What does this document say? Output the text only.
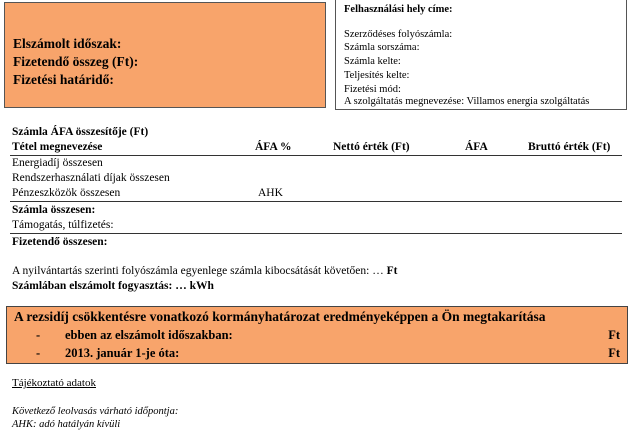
Elszámolt időszak:
Fizetendő összeg (Ft):
Fizetési határidő:
Felhasználási hely címe:
Szerződéses folyószámla:
Számla sorszáma:
Számla kelte:
Teljesítés kelte:
Fizetési mód:
A szolgáltatás megnevezése: Villamos energia szolgáltatás
Számla ÁFA összesítője (Ft)
Tétel megnevezése	ÁFA %	Nettó érték (Ft)	ÁFA	Bruttó érték (Ft)
Energiadíj összesen
Rendszerhasználati díjak összesen
Pénzeszközök összesen	AHK
Számla összesen:
Támogatás, túlfizetés:
Fizetendő összesen:
A nyilvántartás szerinti folyószámla egyenlege számla kibocsátását követően: … Ft
Számlában elszámolt fogyasztás: … kWh
A rezsidíj csökkentésre vonatkozó kormányhatározat eredményeképpen a Ön megtakarítása
- ebben az elszámolt időszakban:	Ft
- 2013. január 1-je óta:	Ft
Tájékoztató adatok
Következő leolvasás várható időpontja:
AHK: adó hatályán kívüli
